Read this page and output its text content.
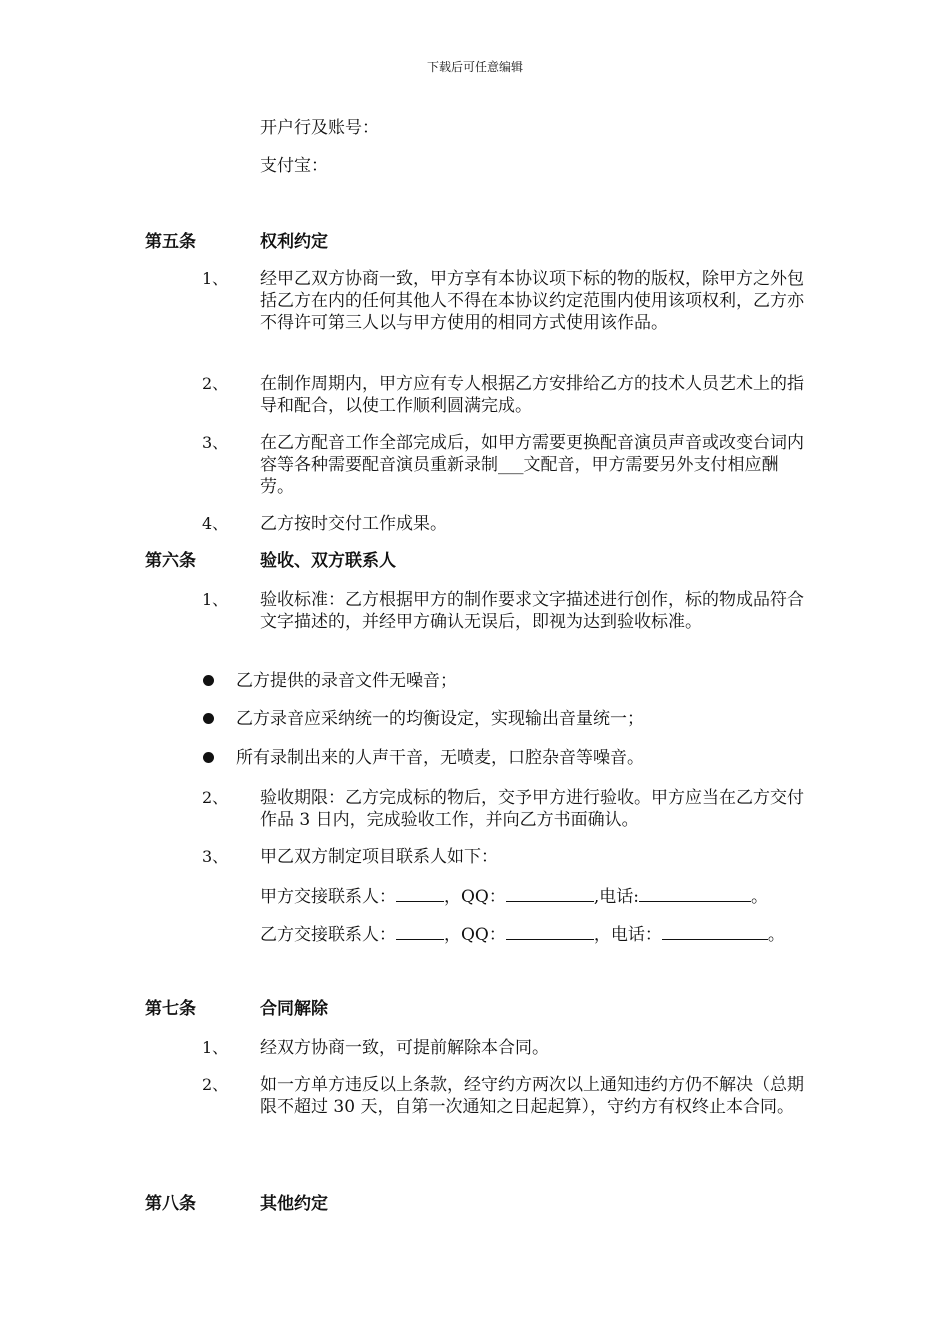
下载后可任意编辑
开户行及账号：
支付宝：
第五条	权利约定
1、 经甲乙双方协商一致，甲方享有本协议项下标的物的版权，除甲方之外包括乙方在内的任何其他人不得在本协议约定范围内使用该项权利，乙方亦不得许可第三人以与甲方使用的相同方式使用该作品。
2、 在制作周期内，甲方应有专人根据乙方安排给乙方的技术人员艺术上的指导和配合，以使工作顺利圆满完成。
3、 在乙方配音工作全部完成后，如甲方需要更换配音演员声音或改变台词内容等各种需要配音演员重新录制___文配音，甲方需要另外支付相应酬劳。
4、 乙方按时交付工作成果。
第六条	验收、双方联系人
1、 验收标准：乙方根据甲方的制作要求文字描述进行创作，标的物成品符合文字描述的，并经甲方确认无误后，即视为达到验收标准。
乙方提供的录音文件无噪音；
乙方录音应采纳统一的均衡设定，实现输出音量统一；
所有录制出来的人声干音，无喷麦，口腔杂音等噪音。
2、 验收期限：乙方完成标的物后，交予甲方进行验收。甲方应当在乙方交付作品 3 日内，完成验收工作，并向乙方书面确认。
3、 甲乙双方制定项目联系人如下：
甲方交接联系人：	，QQ：	,电话:	。
乙方交接联系人：	，QQ：	，电话：	。
第七条	合同解除
1、 经双方协商一致，可提前解除本合同。
2、 如一方单方违反以上条款，经守约方两次以上通知违约方仍不解决（总期限不超过 30 天，自第一次通知之日起起算），守约方有权终止本合同。
第八条	其他约定
